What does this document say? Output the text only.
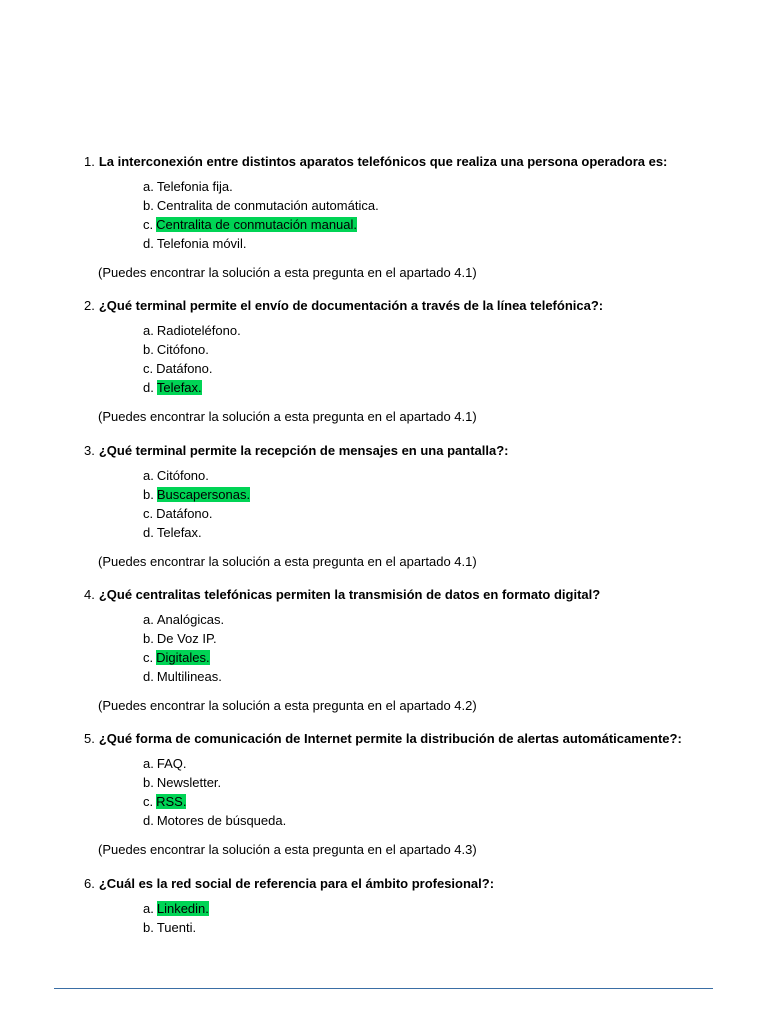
1. La interconexión entre distintos aparatos telefónicos que realiza una persona operadora es:
a. Telefonia fija.
b. Centralita de conmutación automática.
c. Centralita de conmutación manual.
d. Telefonia móvil.
(Puedes encontrar la solución a esta pregunta en el apartado 4.1)
2. ¿Qué terminal permite el envío de documentación a través de la línea telefónica?:
a. Radioteléfono.
b. Citófono.
c. Datáfono.
d. Telefax.
(Puedes encontrar la solución a esta pregunta en el apartado 4.1)
3. ¿Qué terminal permite la recepción de mensajes en una pantalla?:
a. Citófono.
b. Buscapersonas.
c. Datáfono.
d. Telefax.
(Puedes encontrar la solución a esta pregunta en el apartado 4.1)
4. ¿Qué centralitas telefónicas permiten la transmisión de datos en formato digital?
a. Analógicas.
b. De Voz IP.
c. Digitales.
d. Multilineas.
(Puedes encontrar la solución a esta pregunta en el apartado 4.2)
5. ¿Qué forma de comunicación de Internet permite la distribución de alertas automáticamente?:
a. FAQ.
b. Newsletter.
c. RSS.
d. Motores de búsqueda.
(Puedes encontrar la solución a esta pregunta en el apartado 4.3)
6. ¿Cuál es la red social de referencia para el ámbito profesional?:
a. Linkedin.
b. Tuenti.
